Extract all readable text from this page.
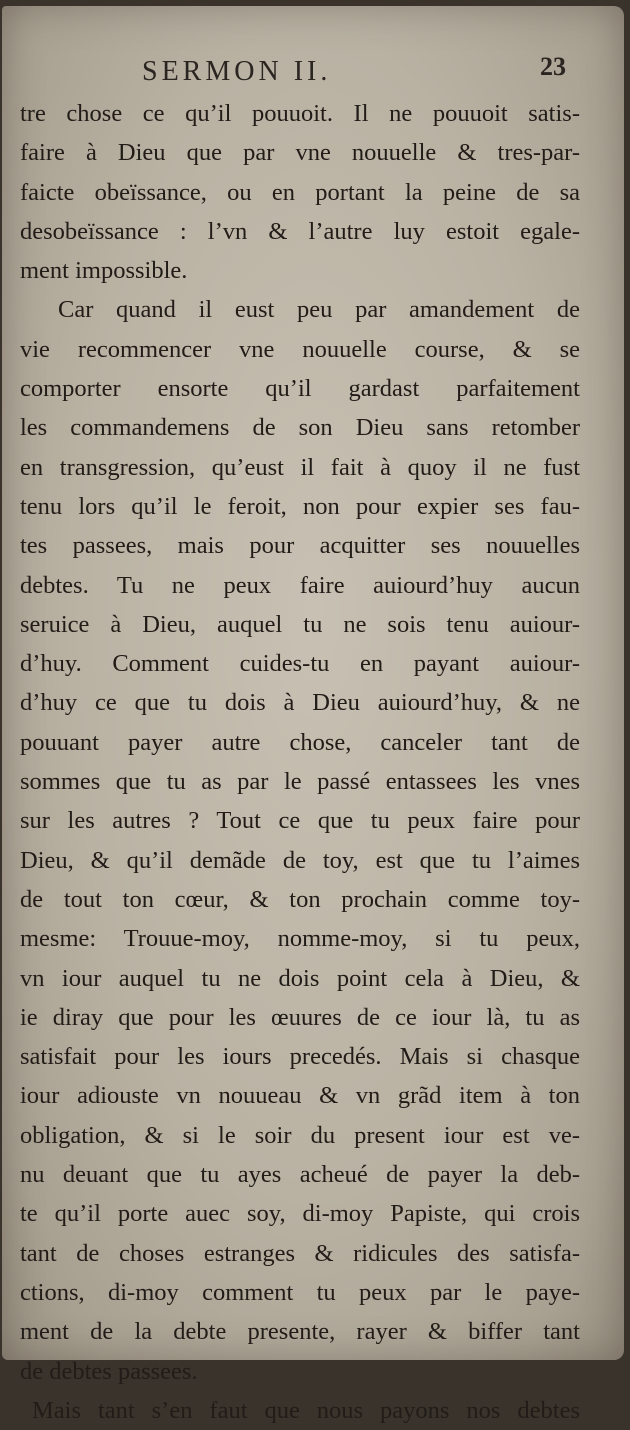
SERMON II.	23
tre chose ce qu’il pouuoit. Il ne pouuoit satis-
faire à Dieu que par vne nouuelle & tres-par-
faicte obeïssance, ou en portant la peine de sa
desobeïssance : l’vn & l’autre luy estoit egale-
ment impossible.
Car quand il eust peu par amandement de
vie recommencer vne nouuelle course, & se
comporter ensorte qu’il gardast parfaitement
les commandemens de son Dieu sans retomber
en transgression, qu’eust il fait à quoy il ne fust
tenu lors qu’il le feroit, non pour expier ses fau-
tes passees, mais pour acquitter ses nouuelles
debtes. Tu ne peux faire auiourd’huy aucun
seruice à Dieu, auquel tu ne sois tenu auiour-
d’huy. Comment cuides-tu en payant auiour-
d’huy ce que tu dois à Dieu auiourd’huy, & ne
pouuant payer autre chose, canceler tant de
sommes que tu as par le passé entassees les vnes
sur les autres ? Tout ce que tu peux faire pour
Dieu, & qu’il demãde de toy, est que tu l’aimes
de tout ton cœur, & ton prochain comme toy-
mesme: Trouue-moy, nomme-moy, si tu peux,
vn iour auquel tu ne dois point cela à Dieu, &
ie diray que pour les œuures de ce iour là, tu as
satisfait pour les iours precedés. Mais si chasque
iour adiouste vn nouueau & vn grãd item à ton
obligation, & si le soir du present iour est ve-
nu deuant que tu ayes acheué de payer la deb-
te qu’il porte auec soy, di-moy Papiste, qui crois
tant de choses estranges & ridicules des satisfa-
ctions, di-moy comment tu peux par le paye-
ment de la debte presente, rayer & biffer tant
de debtes passees.
Mais tant s’en faut que nous payons nos debtes
